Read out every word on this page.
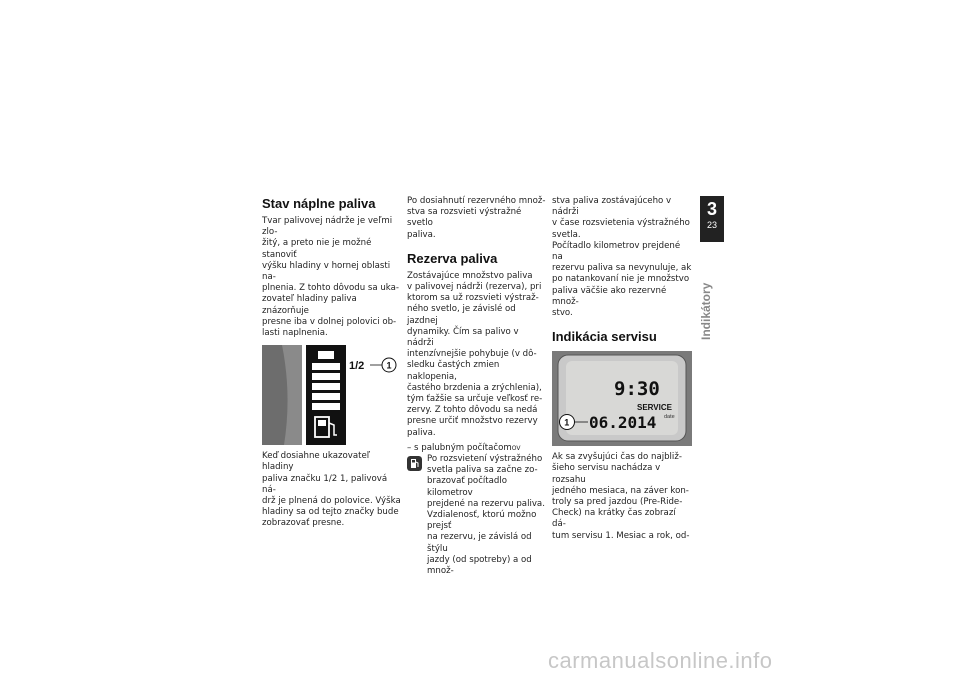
Stav náplne paliva

Tvar palivovej nádrže je veľmi zlo-
žitý, a preto nie je možné stanoviť
výšku hladiny v hornej oblasti na-
plnenia. Z tohto dôvodu sa uka-
zovateľ hladiny paliva znázorňuje
presne iba v dolnej polovici ob-
lasti naplnenia.

1/2 1

Keď dosiahne ukazovateľ hladiny
paliva značku 1/2 1, palivová ná-
drž je plnená do polovice. Výška
hladiny sa od tejto značky bude
zobrazovať presne.

Po dosiahnutí rezervného množ-
stva sa rozsvieti výstražné svetlo
paliva.

Rezerva paliva

Zostávajúce množstvo paliva
v palivovej nádrži (rezerva), pri
ktorom sa už rozsvieti výstraž-
ného svetlo, je závislé od jazdnej
dynamiky. Čím sa palivo v nádrži
intenzívnejšie pohybuje (v dô-
sledku častých zmien naklopenia,
častého brzdenia a zrýchlenia),
tým ťažšie sa určuje veľkosť re-
zervy. Z tohto dôvodu sa nedá
presne určiť množstvo rezervy
paliva.

– s palubným počítačom$^{OV}$

Po rozsvietení výstražného
svetla paliva sa začne zo-
brazovať počítadlo kilometrov
prejdené na rezervu paliva.
Vzdialenosť, ktorú možno prejsť
na rezervu, je závislá od štýlu
jazdy (od spotreby) a od množ-

stva paliva zostávajúceho v nádrži
v čase rozsvietenia výstražného
svetla.
Počítadlo kilometrov prejdené na
rezervu paliva sa nevynuluje, ak
po natankovaní nie je množstvo
paliva väčšie ako rezervné množ-
stvo.

Indikácia servisu
9:30
SERVICE
06.2014 date
1

Ak sa zvyšujúci čas do najbliž-
šieho servisu nachádza v rozsahu
jedného mesiaca, na záver kon-
troly sa pred jazdou (Pre-Ride-
Check) na krátky čas zobrazí dá-
tum servisu 1. Mesiac a rok, od-

3
23
Indikátory
carmanualsonline.info
